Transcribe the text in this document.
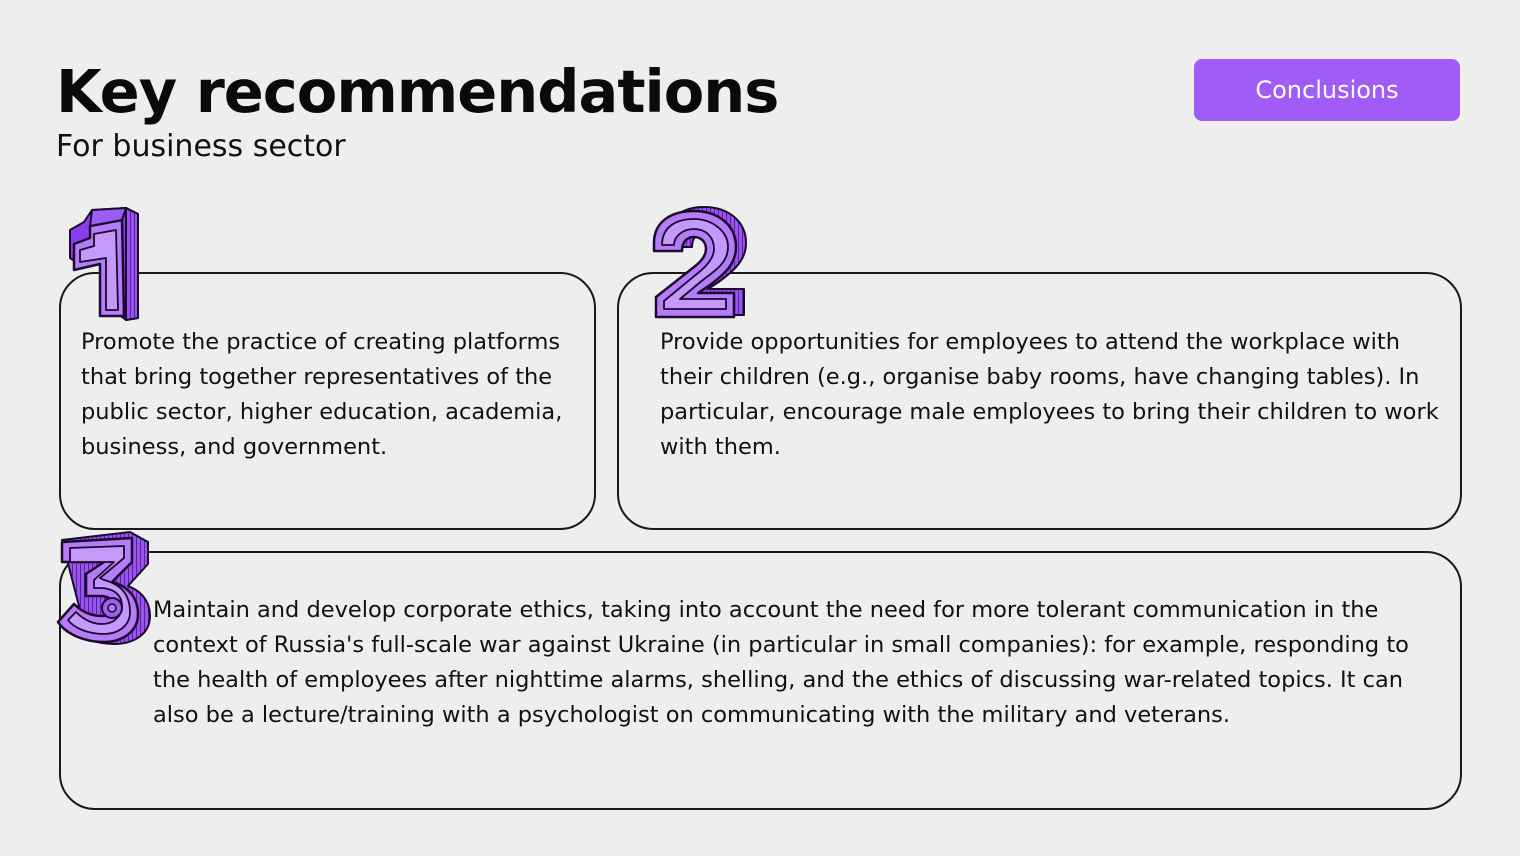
Key recommendations

For business sector

Conclusions

Promote the practice of creating platforms that bring together representatives of the public sector, higher education, academia, business, and government.

Provide opportunities for employees to attend the workplace with their children (e.g., organise baby rooms, have changing tables). In particular, encourage male employees to bring their children to work with them.

Maintain and develop corporate ethics, taking into account the need for more tolerant communication in the context of Russia's full-scale war against Ukraine (in particular in small companies): for example, responding to the health of employees after nighttime alarms, shelling, and the ethics of discussing war-related topics. It can also be a lecture/training with a psychologist on communicating with the military and veterans.
